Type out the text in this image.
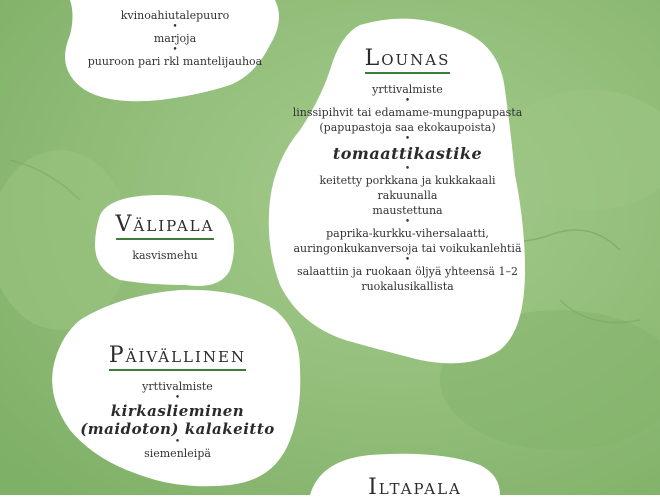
kvinoahiutalepuuro
•
marjoja
•
puuroon pari rkl mantelijauhoa	Lounas
yrttivalmiste
•
linssipihvit tai edamame-mungpapupasta
(papupastoja saa ekokaupoista)
•
tomaattikastike
•
keitetty porkkana ja kukkakaali rakuunalla
maustettuna
•
paprika-kurkku-vihersalaatti,
auringonkukanversoja tai voikukanlehtiä
•
salaattiin ja ruokaan öljyä yhteensä 1–2
ruokalusikallista
Välipala
kasvismehu
Päivällinen
yrttivalmiste
•
kirkaslieminen
(maidoton) kalakeitto
•
siemenleipä
Iltapala
